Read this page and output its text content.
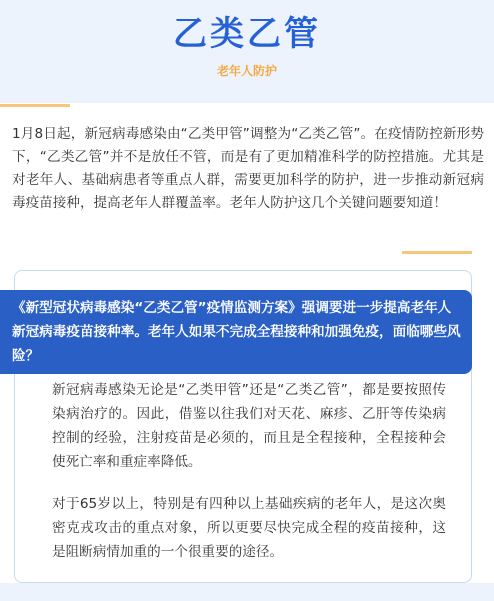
乙类乙管
老年人防护

1月8日起，新冠病毒感染由“乙类甲管”调整为“乙类乙管”。在疫情防控新形势下，“乙类乙管”并不是放任不管，而是有了更加精准科学的防控措施。尤其是对老年人、基础病患者等重点人群，需要更加科学的防护，进一步推动新冠病毒疫苗接种，提高老年人群覆盖率。老年人防护这几个关键问题要知道！

《新型冠状病毒感染“乙类乙管”疫情监测方案》强调要进一步提高老年人新冠病毒疫苗接种率。老年人如果不完成全程接种和加强免疫，面临哪些风险？

新冠病毒感染无论是“乙类甲管”还是“乙类乙管”，都是要按照传染病治疗的。因此，借鉴以往我们对天花、麻疹、乙肝等传染病控制的经验，注射疫苗是必须的，而且是全程接种，全程接种会使死亡率和重症率降低。

对于65岁以上，特别是有四种以上基础疾病的老年人，是这次奥密克戎攻击的重点对象，所以更要尽快完成全程的疫苗接种，这是阻断病情加重的一个很重要的途径。
